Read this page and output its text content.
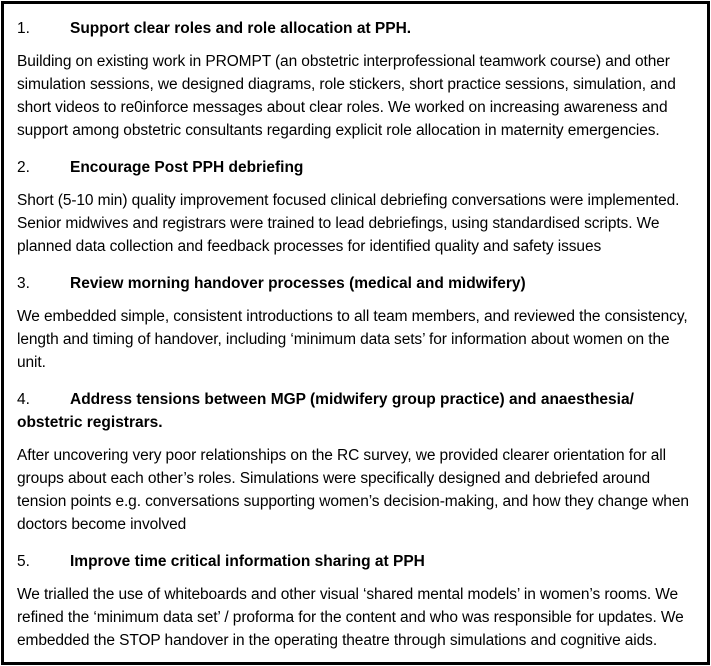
1.	Support clear roles and role allocation at PPH.

Building on existing work in PROMPT (an obstetric interprofessional teamwork course) and other simulation sessions, we designed diagrams, role stickers, short practice sessions, simulation, and short videos to re0inforce messages about clear roles. We worked on increasing awareness and support among obstetric consultants regarding explicit role allocation in maternity emergencies.

2.	Encourage Post PPH debriefing

Short (5-10 min) quality improvement focused clinical debriefing conversations were implemented. Senior midwives and registrars were trained to lead debriefings, using standardised scripts. We planned data collection and feedback processes for identified quality and safety issues

3.	Review morning handover processes (medical and midwifery)

We embedded simple, consistent introductions to all team members, and reviewed the consistency, length and timing of handover, including ‘minimum data sets’ for information about women on the unit.

4.	Address tensions between MGP (midwifery group practice) and anaesthesia/ obstetric registrars.

After uncovering very poor relationships on the RC survey, we provided clearer orientation for all groups about each other’s roles. Simulations were specifically designed and debriefed around tension points e.g. conversations supporting women’s decision-making, and how they change when doctors become involved

5.	Improve time critical information sharing at PPH

We trialled the use of whiteboards and other visual ‘shared mental models’ in women’s rooms. We refined the ‘minimum data set’ / proforma for the content and who was responsible for updates. We embedded the STOP handover in the operating theatre through simulations and cognitive aids.
